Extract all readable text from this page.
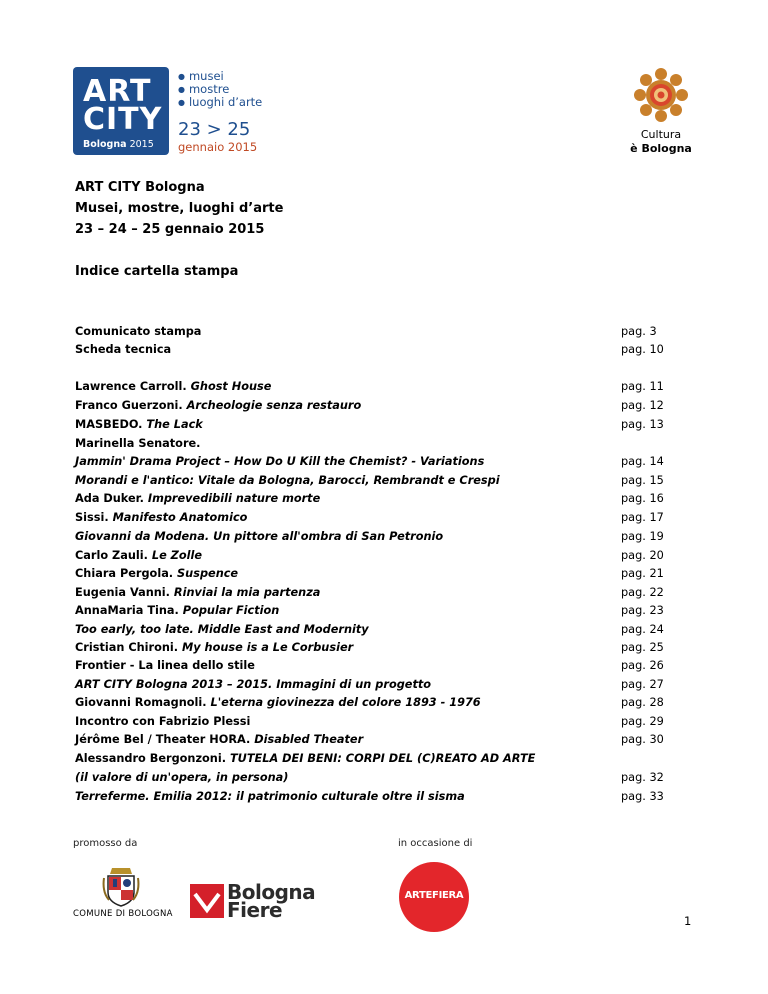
ART
CITY
Bologna 2015
● musei
● mostre
● luoghi d’arte
23 > 25
gennaio 2015
Cultura
è Bologna
ART CITY Bologna
Musei, mostre, luoghi d’arte
23 – 24 – 25 gennaio 2015
Indice cartella stampa
Comunicato stampa	pag. 3
Scheda tecnica	pag. 10
Lawrence Carroll. Ghost House	pag. 11
Franco Guerzoni. Archeologie senza restauro	pag. 12
MASBEDO. The Lack	pag. 13
Marinella Senatore.
Jammin' Drama Project – How Do U Kill the Chemist? - Variations	pag. 14
Morandi e l'antico: Vitale da Bologna, Barocci, Rembrandt e Crespi	pag. 15
Ada Duker. Imprevedibili nature morte	pag. 16
Sissi. Manifesto Anatomico	pag. 17
Giovanni da Modena. Un pittore all'ombra di San Petronio	pag. 19
Carlo Zauli. Le Zolle	pag. 20
Chiara Pergola. Suspence	pag. 21
Eugenia Vanni. Rinviai la mia partenza	pag. 22
AnnaMaria Tina. Popular Fiction	pag. 23
Too early, too late. Middle East and Modernity	pag. 24
Cristian Chironi. My house is a Le Corbusier	pag. 25
Frontier - La linea dello stile	pag. 26
ART CITY Bologna 2013 – 2015. Immagini di un progetto	pag. 27
Giovanni Romagnoli. L'eterna giovinezza del colore 1893 - 1976	pag. 28
Incontro con Fabrizio Plessi	pag. 29
Jérôme Bel / Theater HORA. Disabled Theater	pag. 30
Alessandro Bergonzoni. TUTELA DEI BENI: CORPI DEL (C)REATO AD ARTE
(il valore di un'opera, in persona)	pag. 32
Terreferme. Emilia 2012: il patrimonio culturale oltre il sisma	pag. 33
promosso da	in occasione di
COMUNE DI BOLOGNA
Bologna
Fiere
ARTEFIERA
1
